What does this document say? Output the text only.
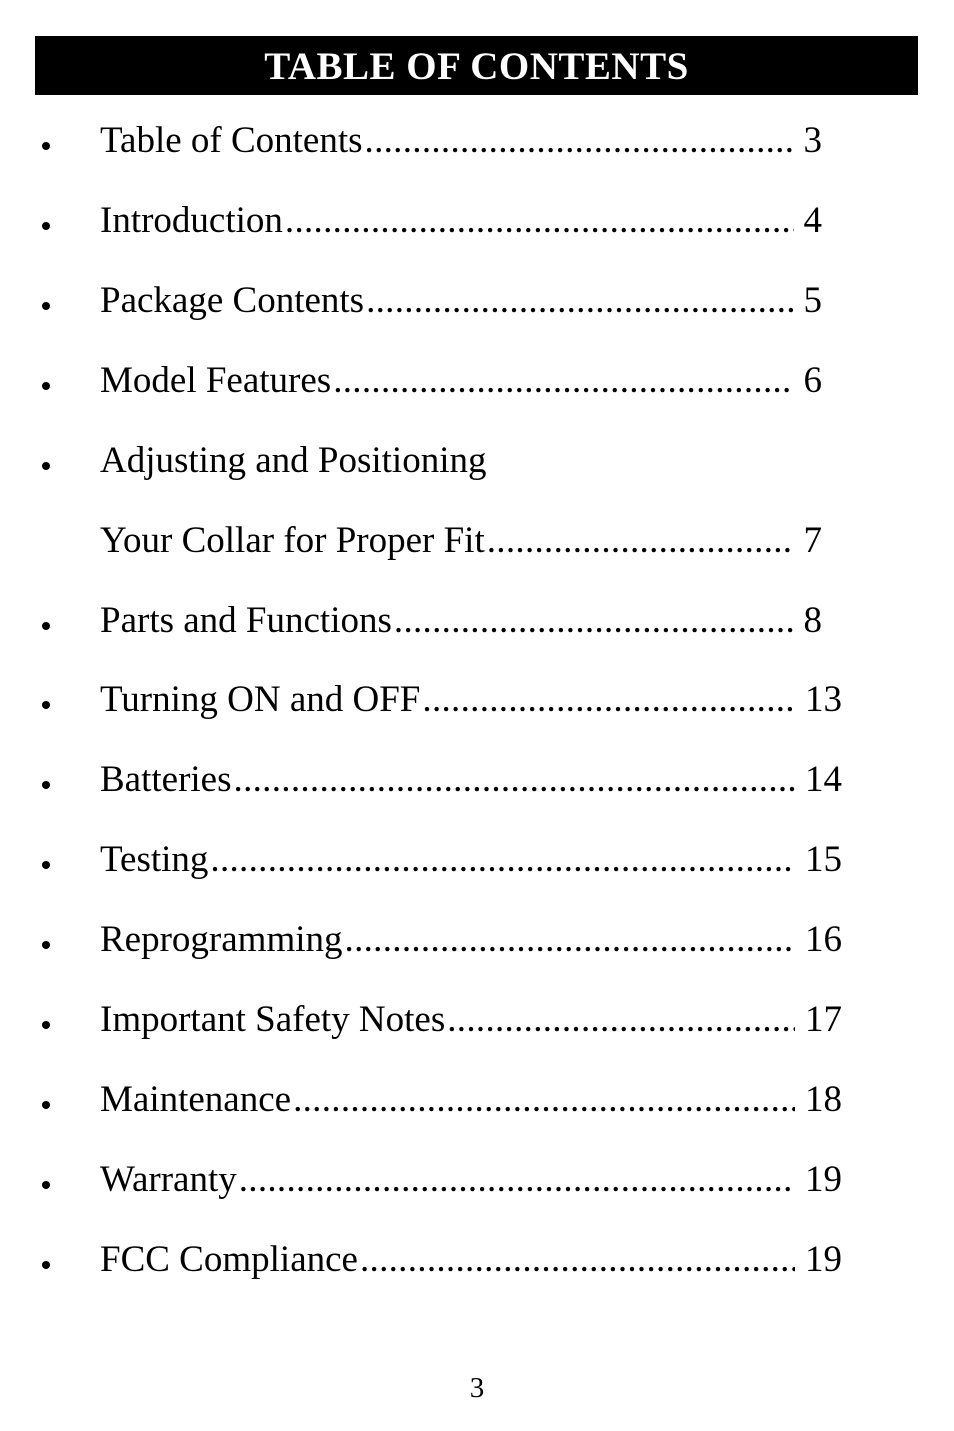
TABLE OF CONTENTS
Table of Contents .....	3
Introduction .....	4
Package Contents .....	5
Model Features .....	6
Adjusting and Positioning
Your Collar for Proper Fit .....	7
Parts and Functions .....	8
Turning ON and OFF .....	13
Batteries .....	14
Testing .....	15
Reprogramming .....	16
Important Safety Notes .....	17
Maintenance .....	18
Warranty .....	19
FCC Compliance .....	19
3
